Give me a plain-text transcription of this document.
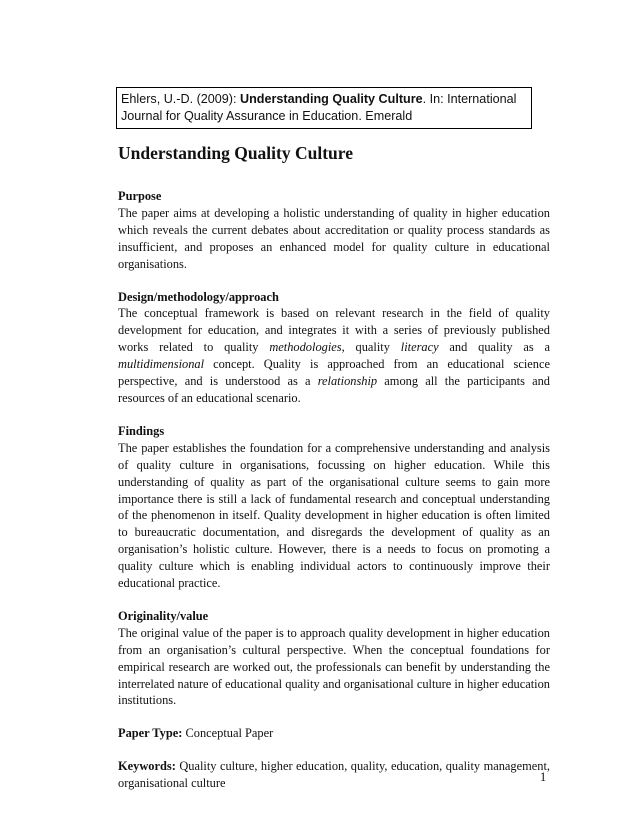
Ehlers, U.-D. (2009): Understanding Quality Culture. In: International Journal for Quality Assurance in Education. Emerald
Understanding Quality Culture

Purpose

The paper aims at developing a holistic understanding of quality in higher education which reveals the current debates about accreditation or quality process standards as insufficient, and proposes an enhanced model for quality culture in educational organisations.

Design/methodology/approach

The conceptual framework is based on relevant research in the field of quality development for education, and integrates it with a series of previously published works related to quality methodologies, quality literacy and quality as a multidimensional concept. Quality is approached from an educational science perspective, and is understood as a relationship among all the participants and resources of an educational scenario.

Findings

The paper establishes the foundation for a comprehensive understanding and analysis of quality culture in organisations, focussing on higher education. While this understanding of quality as part of the organisational culture seems to gain more importance there is still a lack of fundamental research and conceptual understanding of the phenomenon in itself. Quality development in higher education is often limited to bureaucratic documentation, and disregards the development of quality as an organisation’s holistic culture. However, there is a needs to focus on promoting a quality culture which is enabling individual actors to continuously improve their educational practice.

Originality/value

The original value of the paper is to approach quality development in higher education from an organisation’s cultural perspective. When the conceptual foundations for empirical research are worked out, the professionals can benefit by understanding the interrelated nature of educational quality and organisational culture in higher education institutions.

Paper Type: Conceptual Paper

Keywords: Quality culture, higher education, quality, education, quality management, organisational culture	1
